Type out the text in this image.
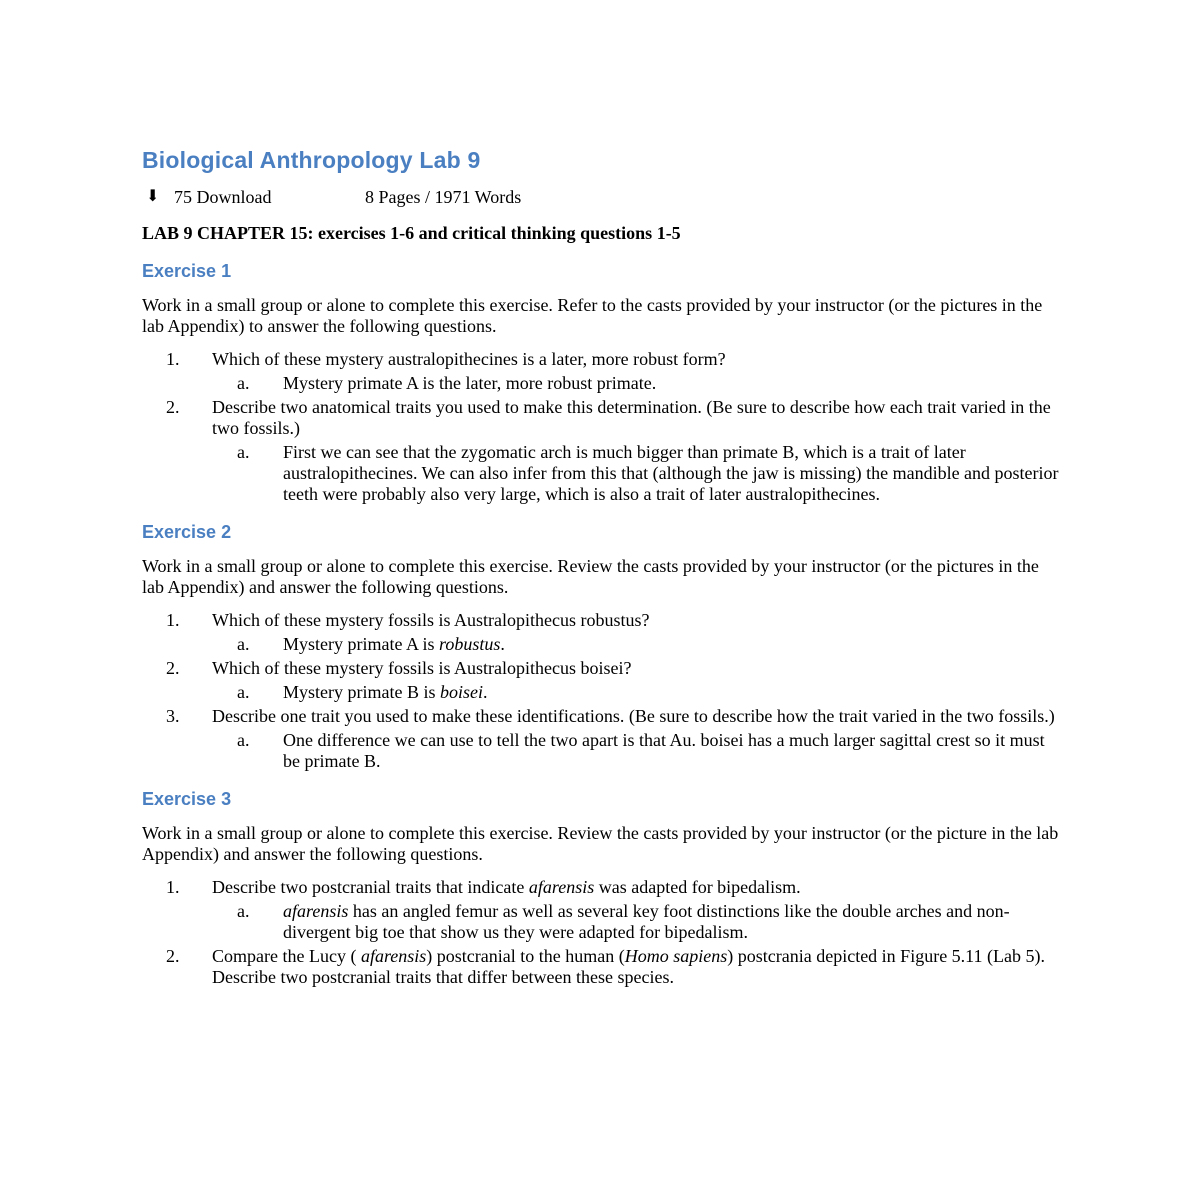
Biological Anthropology Lab 9
⬇ 75 Download	8 Pages / 1971 Words
LAB 9 CHAPTER 15: exercises 1-6 and critical thinking questions 1-5
Exercise 1

Work in a small group or alone to complete this exercise. Refer to the casts provided by your instructor (or the pictures in the lab Appendix) to answer the following questions.

1. Which of these mystery australopithecines is a later, more robust form?
a. Mystery primate A is the later, more robust primate.
2. Describe two anatomical traits you used to make this determination. (Be sure to describe how each trait varied in the two fossils.)
a. First we can see that the zygomatic arch is much bigger than primate B, which is a trait of later australopithecines. We can also infer from this that (although the jaw is missing) the mandible and posterior teeth were probably also very large, which is also a trait of later australopithecines.
Exercise 2

Work in a small group or alone to complete this exercise. Review the casts provided by your instructor (or the pictures in the lab Appendix) and answer the following questions.

1. Which of these mystery fossils is Australopithecus robustus?
a. Mystery primate A is robustus.
2. Which of these mystery fossils is Australopithecus boisei?
a. Mystery primate B is boisei.
3. Describe one trait you used to make these identifications. (Be sure to describe how the trait varied in the two fossils.)
a. One difference we can use to tell the two apart is that Au. boisei has a much larger sagittal crest so it must be primate B.
Exercise 3

Work in a small group or alone to complete this exercise. Review the casts provided by your instructor (or the picture in the lab Appendix) and answer the following questions.

1. Describe two postcranial traits that indicate afarensis was adapted for bipedalism.
a. afarensis has an angled femur as well as several key foot distinctions like the double arches and non-divergent big toe that show us they were adapted for bipedalism.
2. Compare the Lucy ( afarensis) postcranial to the human (Homo sapiens) postcrania depicted in Figure 5.11 (Lab 5). Describe two postcranial traits that differ between these species.
